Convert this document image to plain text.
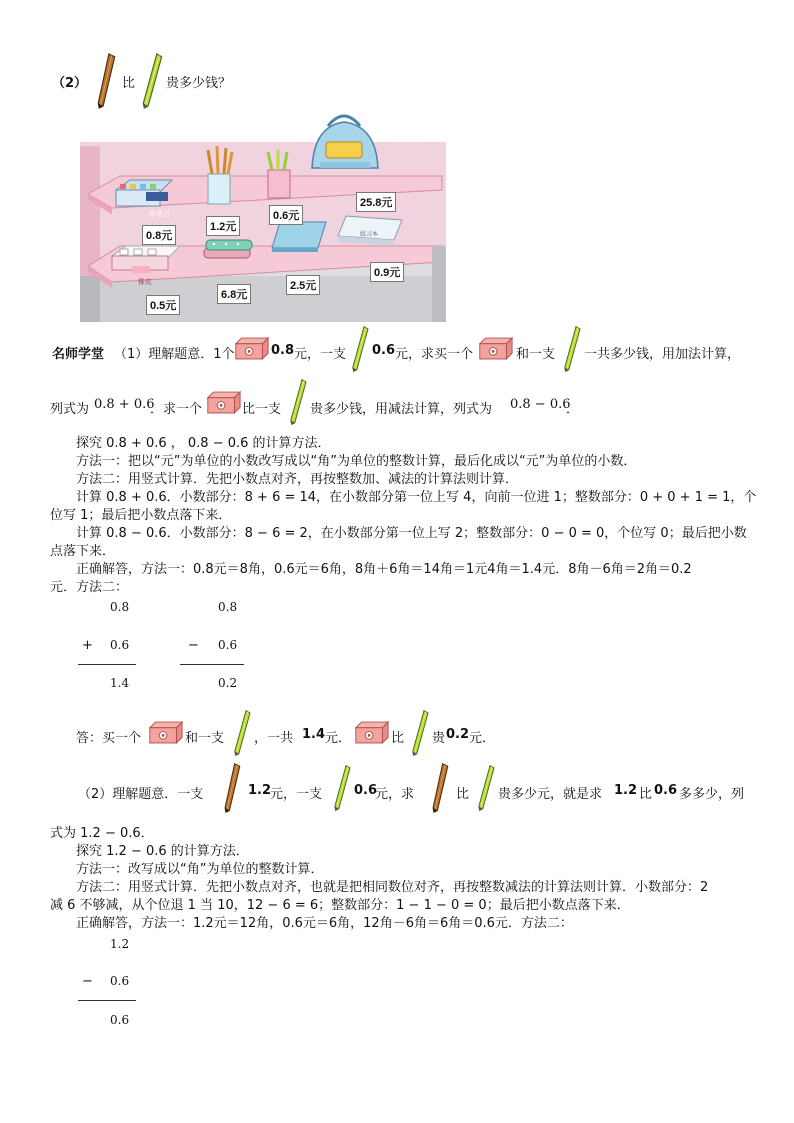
（2）	比 贵多少钱？
1.2元
0.6元
25.8元
0.8元
0.5元
6.8元
2.5元
0.9元
卷笔刀
橡皮
练习本
名师学堂 （1）理解题意．1个	0.8 元，一支 0.6 元，求买一个	和一支 一共多少钱，用加法计算，
列式为 0.8 + 0.6
．求一个	比一支 贵多少钱，用减法计算，列式为 0.8 − 0.6
．
探究 0.8 + 0.6 ， 0.8 − 0.6 的计算方法．
方法一：把以“元”为单位的小数改写成以“角”为单位的整数计算，最后化成以“元”为单位的小数．
方法二：用竖式计算．先把小数点对齐，再按整数加、减法的计算法则计算．
计算 0.8 + 0.6．小数部分：8 + 6 = 14，在小数部分第一位上写 4，向前一位进 1；整数部分：0 + 0 + 1 = 1，个
位写 1；最后把小数点落下来．
计算 0.8 − 0.6．小数部分：8 − 6 = 2，在小数部分第一位上写 2；整数部分：0 − 0 = 0，个位写 0；最后把小数
点落下来．
正确解答，方法一：0.8元＝8角，0.6元＝6角，8角＋6角＝14角＝1元4角＝1.4元．8角－6角＝2角＝0.2
元．方法二：
0.8
+ 0.6
1.4
0.8
− 0.6
0.2
答：买一个	和一支 ，一共 1.4 元．	比 贵 0.2 元．
（2）理解题意．一支	1.2
元，一支 0.6
元，求	比 贵多少元，就是求 1.2 比 0.6 多多少，列
式为 1.2 − 0.6．
探究 1.2 − 0.6 的计算方法．
方法一：改写成以“角”为单位的整数计算．
方法二：用竖式计算．先把小数点对齐，也就是把相同数位对齐，再按整数减法的计算法则计算．小数部分：2
减 6 不够减，从个位退 1 当 10，12 − 6 = 6；整数部分：1 − 1 − 0 = 0；最后把小数点落下来．
正确解答，方法一：1.2元＝12角，0.6元＝6角，12角－6角＝6角＝0.6元．方法二：
1.2
− 0.6
0.6
